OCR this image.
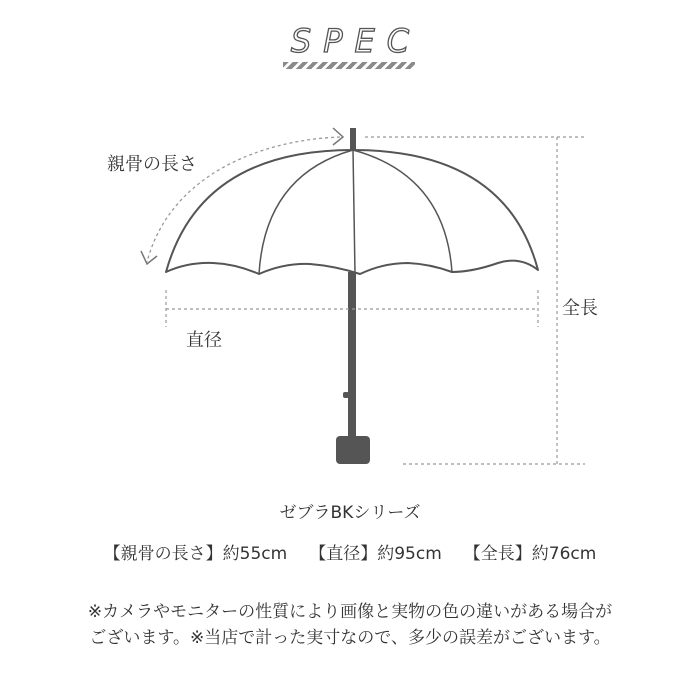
SPEC
親骨の長さ
直径
全長
ゼブラBKシリーズ
【親骨の長さ】約55cm 【直径】約95cm 【全長】約76cm
※カメラやモニターの性質により画像と実物の色の違いがある場合が
ございます。※当店で計った実寸なので、多少の誤差がございます。
